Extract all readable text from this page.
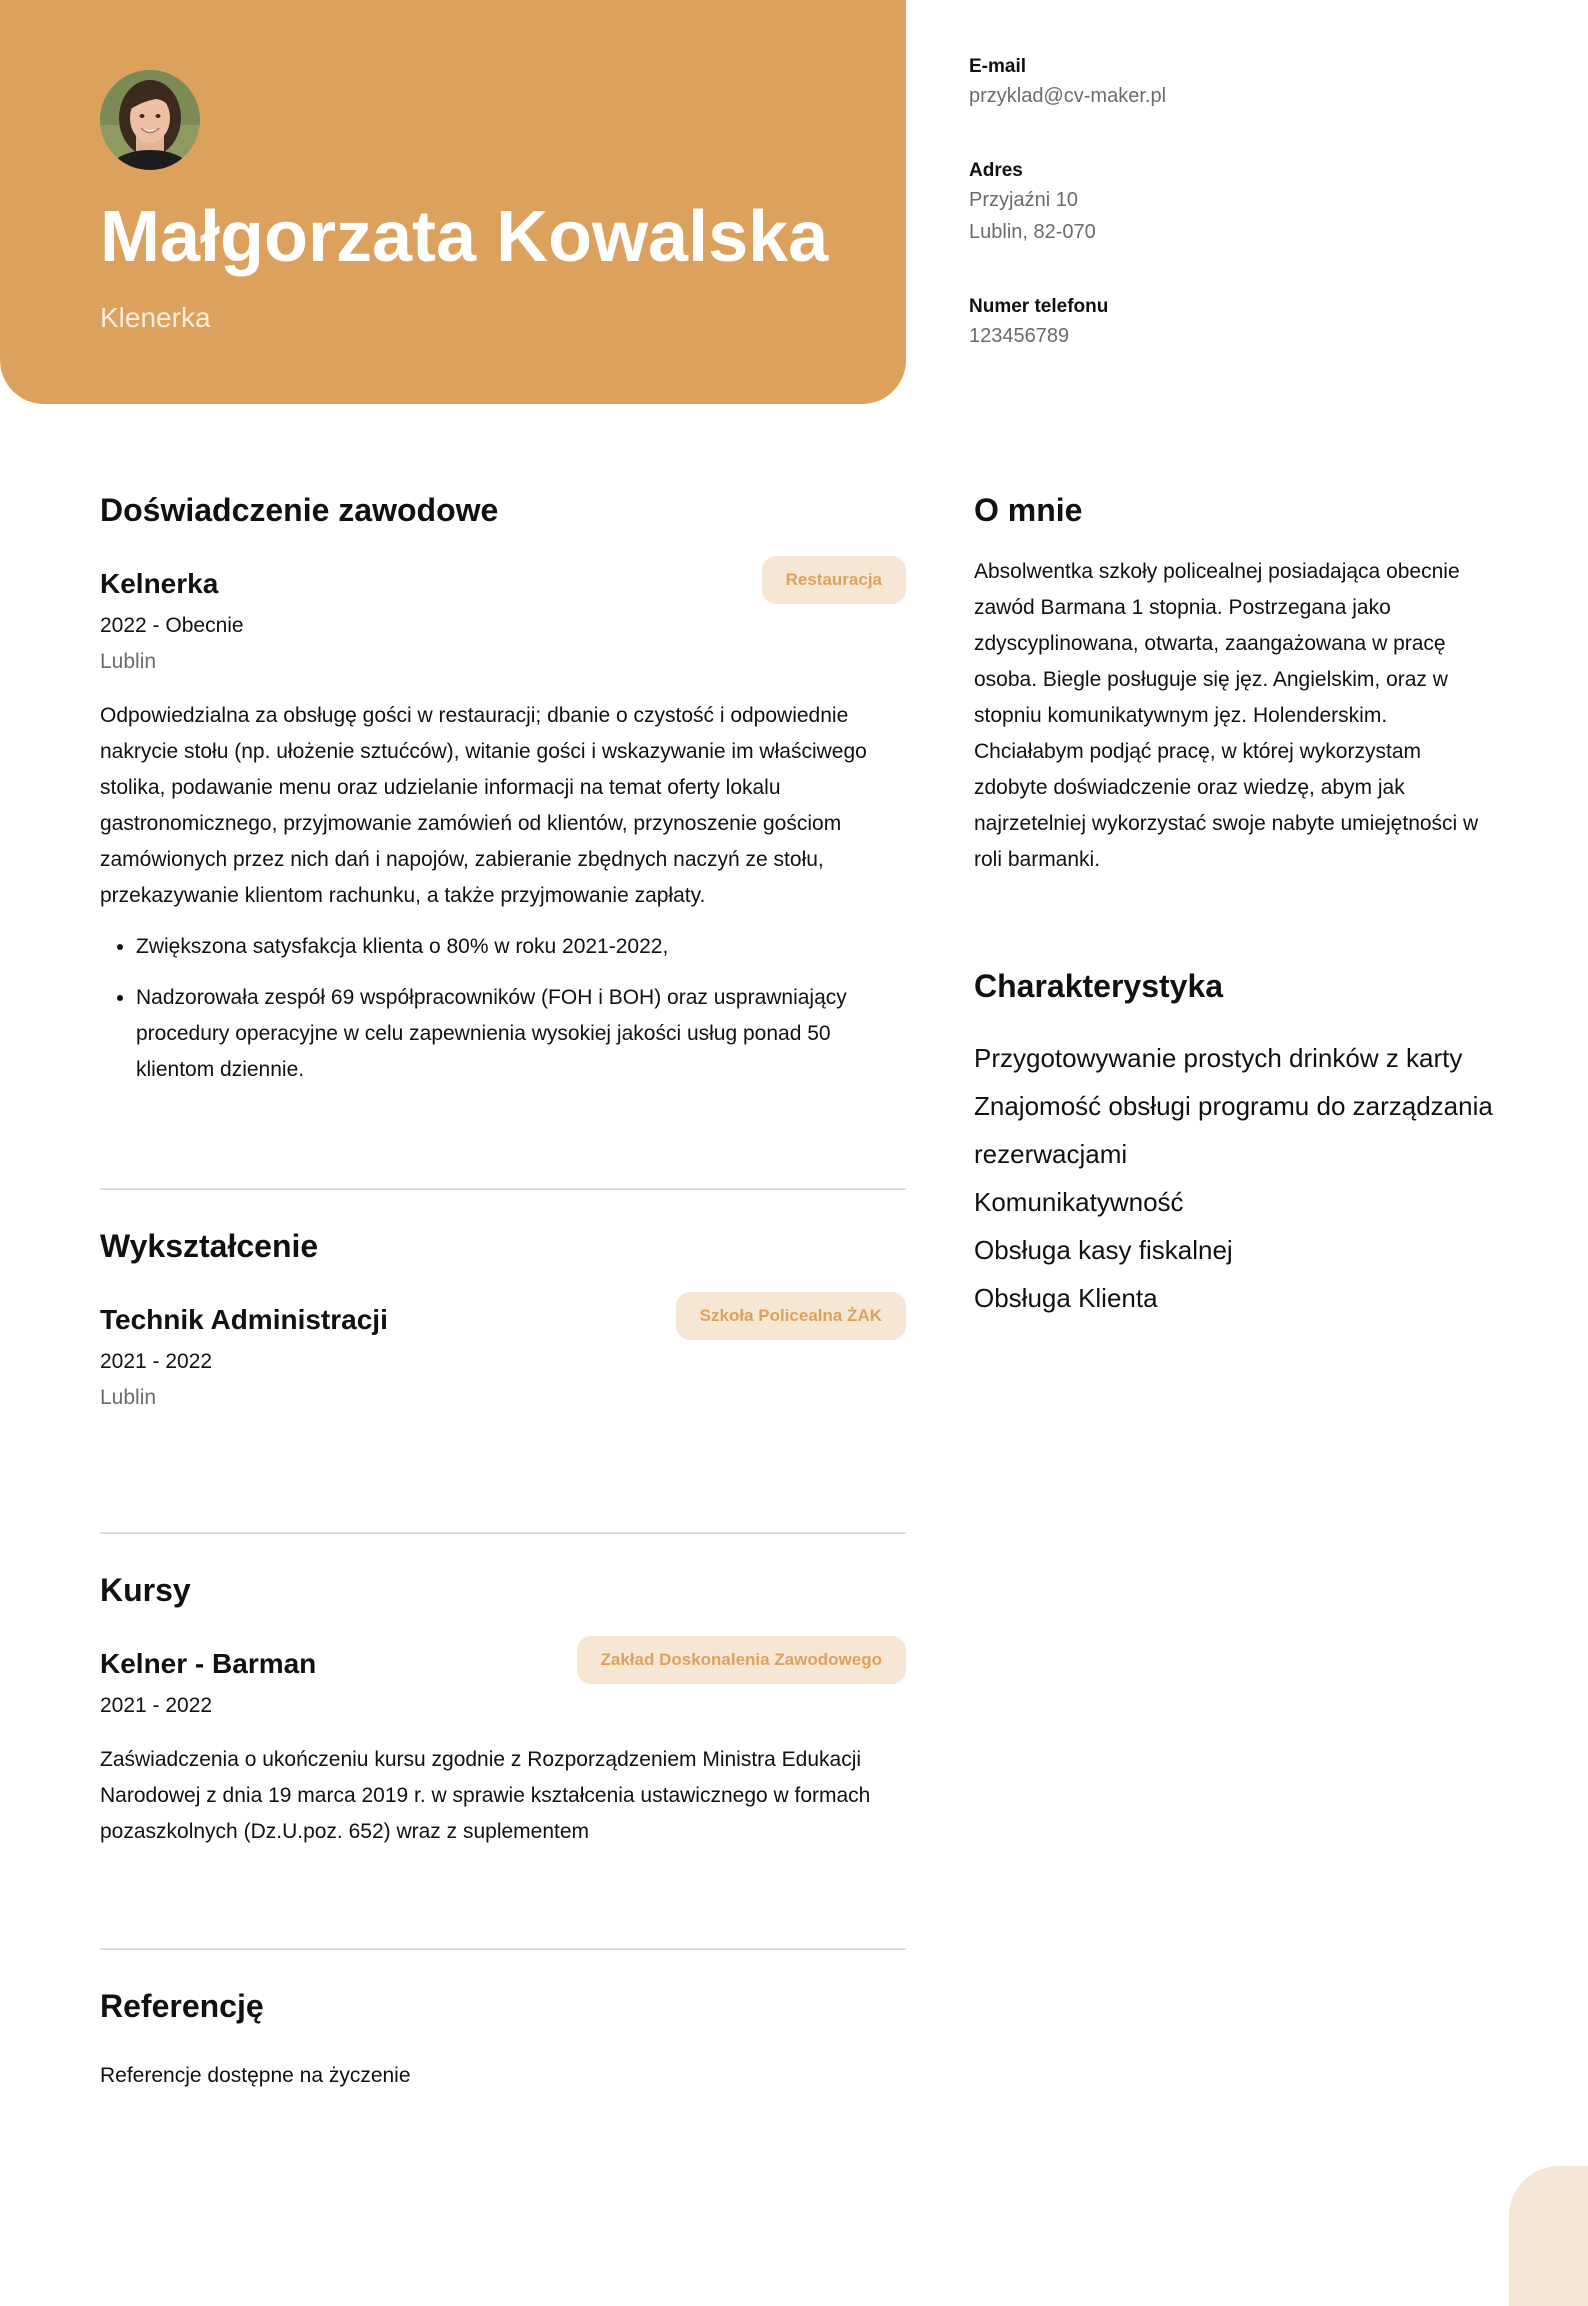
Małgorzata Kowalska
Klenerka
E-mail
przyklad@cv-maker.pl
Adres
Przyjaźni 10
Lublin, 82-070
Numer telefonu
123456789
Doświadczenie zawodowe
Kelnerka	Restauracja
2022 - Obecnie
Lublin

Odpowiedzialna za obsługę gości w restauracji; dbanie o czystość i odpowiednie nakrycie stołu (np. ułożenie sztućców), witanie gości i wskazywanie im właściwego stolika, podawanie menu oraz udzielanie informacji na temat oferty lokalu gastronomicznego, przyjmowanie zamówień od klientów, przynoszenie gościom zamówionych przez nich dań i napojów, zabieranie zbędnych naczyń ze stołu, przekazywanie klientom rachunku, a także przyjmowanie zapłaty.

• Zwiększona satysfakcja klienta o 80% w roku 2021-2022,
• Nadzorowała zespół 69 współpracowników (FOH i BOH) oraz usprawniający procedury operacyjne w celu zapewnienia wysokiej jakości usług ponad 50 klientom dziennie.
Wykształcenie
Technik Administracji	Szkoła Policealna ŻAK
2021 - 2022
Lublin
Kursy
Kelner - Barman	Zakład Doskonalenia Zawodowego
2021 - 2022

Zaświadczenia o ukończeniu kursu zgodnie z Rozporządzeniem Ministra Edukacji Narodowej z dnia 19 marca 2019 r. w sprawie kształcenia ustawicznego w formach pozaszkolnych (Dz.U.poz. 652) wraz z suplementem

Referencję

Referencje dostępne na życzenie

O mnie

Absolwentka szkoły policealnej posiadająca obecnie zawód Barmana 1 stopnia. Postrzegana jako zdyscyplinowana, otwarta, zaangażowana w pracę osoba. Biegle posługuje się jęz. Angielskim, oraz w stopniu komunikatywnym jęz. Holenderskim. Chciałabym podjąć pracę, w której wykorzystam zdobyte doświadczenie oraz wiedzę, abym jak najrzetelniej wykorzystać swoje nabyte umiejętności w roli barmanki.

Charakterystyka
Przygotowywanie prostych drinków z karty
Znajomość obsługi programu do zarządzania rezerwacjami
Komunikatywność
Obsługa kasy fiskalnej
Obsługa Klienta
